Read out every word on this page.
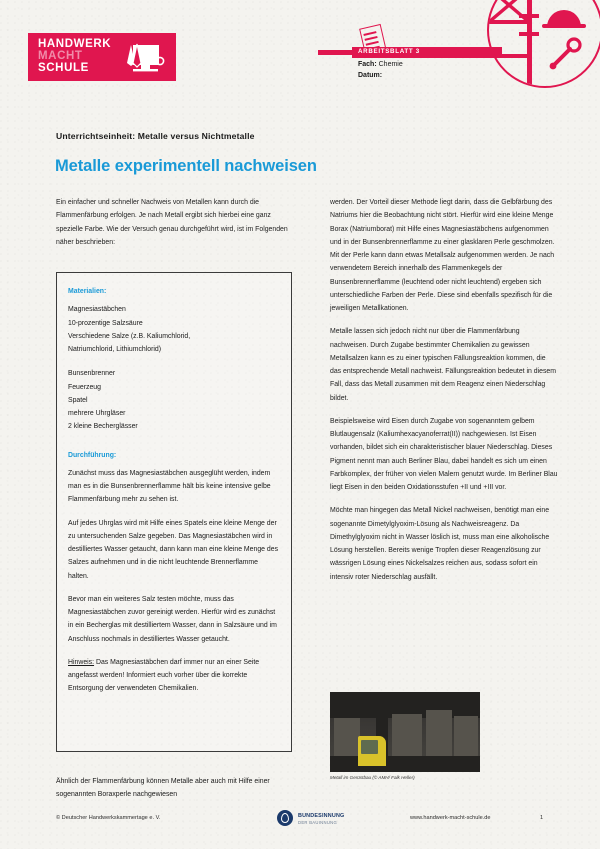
HANDWERK
MACHT
SCHULE
ARBEITSBLATT 3
Fach: Chemie
Datum:
Unterrichtseinheit: Metalle versus Nichtmetalle
Metalle experimentell nachweisen

Ein einfacher und schneller Nachweis von Metallen kann durch die Flammenfärbung erfolgen. Je nach Metall ergibt sich hierbei eine ganz spezielle Farbe. Wie der Versuch genau durchgeführt wird, ist im Folgenden näher beschrieben:

Materialien:

Magnesiastäbchen

10-prozentige Salzsäure

Verschiedene Salze (z.B. Kaliumchlorid,

Natriumchlorid, Lithiumchlorid)

Bunsenbrenner

Feuerzeug

Spatel

mehrere Uhrgläser

2 kleine Becherglässer

Durchführung:

Zunächst muss das Magnesiastäbchen ausgeglüht werden, indem man es in die Bunsenbrennerflamme hält bis keine intensive gelbe Flammenfärbung mehr zu sehen ist.

Auf jedes Uhrglas wird mit Hilfe eines Spatels eine kleine Menge der zu untersuchenden Salze gegeben. Das Magnesiastäbchen wird in destilliertes Wasser getaucht, dann kann man eine kleine Menge des Salzes aufnehmen und in die nicht leuchtende Brennerflamme halten.

Bevor man ein weiteres Salz testen möchte, muss das Magnesiastäbchen zuvor gereinigt werden. Hierfür wird es zunächst in ein Becherglas mit destilliertem Wasser, dann in Salzsäure und im Anschluss nochmals in destilliertes Wasser getaucht.

Hinweis: Das Magnesiastäbchen darf immer nur an einer Seite angefasst werden! Informiert euch vorher über die korrekte Entsorgung der verwendeten Chemikalien.

Ähnlich der Flammenfärbung können Metalle aber auch mit Hilfe einer sogenannten Boraxperle nachgewiesen

werden. Der Vorteil dieser Methode liegt darin, dass die Gelbfärbung des Natriums hier die Beobachtung nicht stört. Hierfür wird eine kleine Menge Borax (Natriumborat) mit Hilfe eines Magnesiastäbchens aufgenommen und in der Bunsenbrennerflamme zu einer glasklaren Perle geschmolzen. Mit der Perle kann dann etwas Metallsalz aufgenommen werden. Je nach verwendetem Bereich innerhalb des Flammenkegels der Bunsenbrennerflamme (leuchtend oder nicht leuchtend) ergeben sich unterschiedliche Farben der Perle. Diese sind ebenfalls spezifisch für die jeweiligen Metallkationen.

Metalle lassen sich jedoch nicht nur über die Flammenfärbung nachweisen. Durch Zugabe bestimmter Chemikalien zu gewissen Metallsalzen kann es zu einer typischen Fällungsreaktion kommen, die das entsprechende Metall nachweist. Fällungsreaktion bedeutet in diesem Fall, dass das Metall zusammen mit dem Reagenz einen Niederschlag bildet.

Beispielsweise wird Eisen durch Zugabe von sogenanntem gelbem Blutlaugensalz (Kaliumhexacyanoferrat(II)) nachgewiesen. Ist Eisen vorhanden, bildet sich ein charakteristischer blauer Niederschlag. Dieses Pigment nennt man auch Berliner Blau, dabei handelt es sich um einen Farbkomplex, der früher von vielen Malern genutzt wurde. Im Berliner Blau liegt Eisen in den beiden Oxidationsstufen +II und +III vor.

Möchte man hingegen das Metall Nickel nachweisen, benötigt man eine sogenannte Dimetylglyoxim-Lösung als Nachweisreagenz. Da Dimethylglyoxim nicht in Wasser löslich ist, muss man eine alkoholische Lösung herstellen. Bereits wenige Tropfen dieser Reagenzlösung zur wässrigen Lösung eines Nickelsalzes reichen aus, sodass sofort ein intensiv roter Niederschlag ausfällt.

Metall im Gerüstbau (© AMH/ Falk Heller)
© Deutscher Handwerkskammertage e. V.	BUNDESINNUNG
DER BAUINNUNG
www.handwerk-macht-schule.de	1
